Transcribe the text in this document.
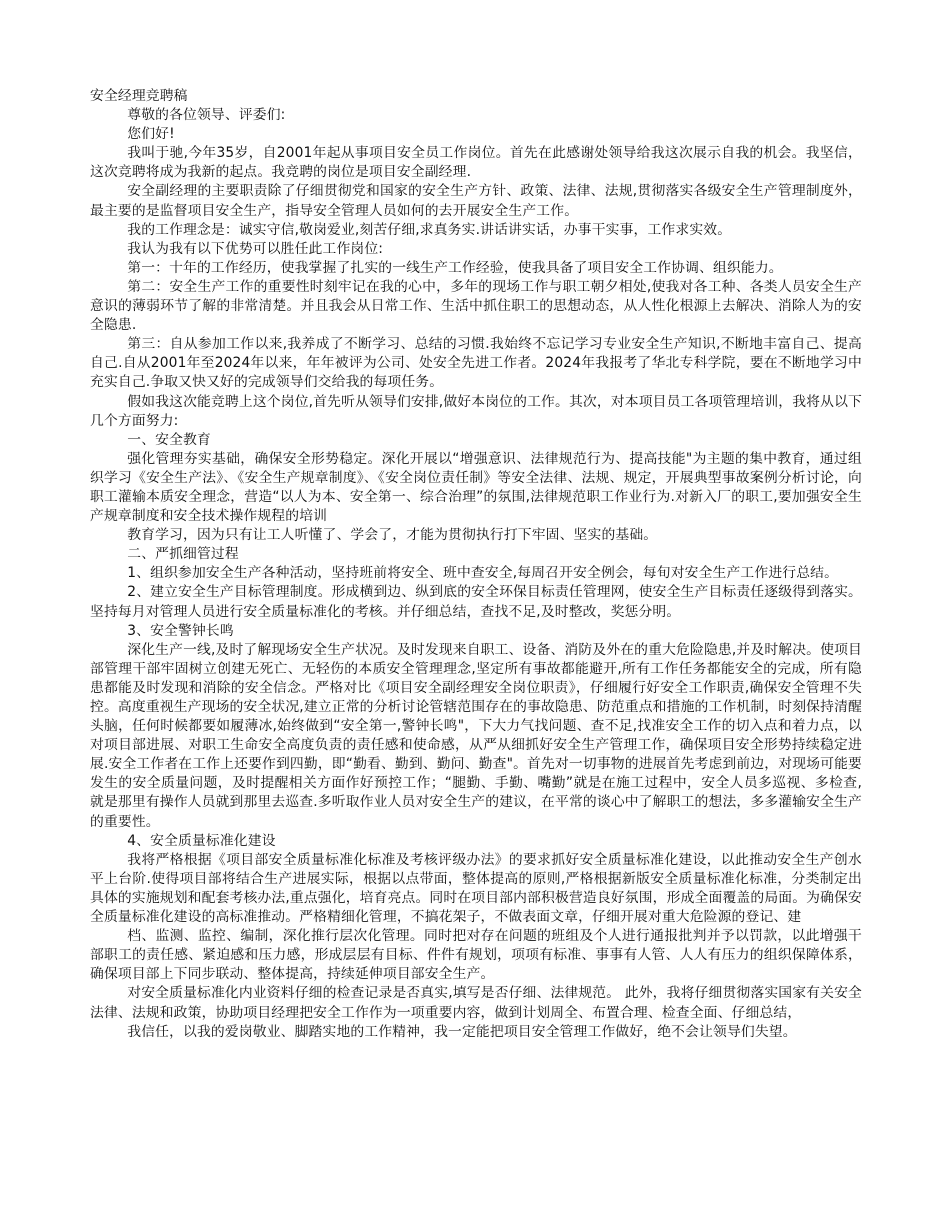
安全经理竞聘稿

尊敬的各位领导、评委们:

您们好!

我叫于驰,今年35岁，自2001年起从事项目安全员工作岗位。首先在此感谢处领导给我这次展示自我的机会。我坚信，这次竞聘将成为我新的起点。我竞聘的岗位是项目安全副经理.

安全副经理的主要职责除了仔细贯彻党和国家的安全生产方针、政策、法律、法规,贯彻落实各级安全生产管理制度外，最主要的是监督项目安全生产，指导安全管理人员如何的去开展安全生产工作。

我的工作理念是：诚实守信,敬岗爱业,刻苦仔细,求真务实.讲话讲实话，办事干实事，工作求实效。

我认为我有以下优势可以胜任此工作岗位:

第一：十年的工作经历，使我掌握了扎实的一线生产工作经验，使我具备了项目安全工作协调、组织能力。

第二：安全生产工作的重要性时刻牢记在我的心中，多年的现场工作与职工朝夕相处,使我对各工种、各类人员安全生产意识的薄弱环节了解的非常清楚。并且我会从日常工作、生活中抓住职工的思想动态，从人性化根源上去解决、消除人为的安全隐患.

第三：自从参加工作以来,我养成了不断学习、总结的习惯.我始终不忘记学习专业安全生产知识,不断地丰富自己、提高自己.自从2001年至2024年以来，年年被评为公司、处安全先进工作者。2024年我报考了华北专科学院，要在不断地学习中充实自己.争取又快又好的完成领导们交给我的每项任务。

假如我这次能竞聘上这个岗位,首先听从领导们安排,做好本岗位的工作。其次，对本项目员工各项管理培训，我将从以下几个方面努力:

一、安全教育

强化管理夯实基础，确保安全形势稳定。深化开展以“增强意识、法律规范行为、提高技能"为主题的集中教育，通过组织学习《安全生产法》、《安全生产规章制度》、《安全岗位责任制》等安全法律、法规、规定，开展典型事故案例分析讨论，向职工灌输本质安全理念，营造“以人为本、安全第一、综合治理”的氛围,法律规范职工作业行为.对新入厂的职工,要加强安全生产规章制度和安全技术操作规程的培训

教育学习，因为只有让工人听懂了、学会了，才能为贯彻执行打下牢固、坚实的基础。

二、严抓细管过程

1、组织参加安全生产各种活动，坚持班前将安全、班中查安全,每周召开安全例会，每旬对安全生产工作进行总结。

2、建立安全生产目标管理制度。形成横到边、纵到底的安全环保目标责任管理网，使安全生产目标责任逐级得到落实。坚持每月对管理人员进行安全质量标准化的考核。并仔细总结，查找不足,及时整改，奖惩分明。

3、安全警钟长鸣

深化生产一线,及时了解现场安全生产状况。及时发现来自职工、设备、消防及外在的重大危险隐患,并及时解决。使项目部管理干部牢固树立创建无死亡、无轻伤的本质安全管理理念,坚定所有事故都能避开,所有工作任务都能安全的完成，所有隐患都能及时发现和消除的安全信念。严格对比《项目安全副经理安全岗位职责》，仔细履行好安全工作职责,确保安全管理不失控。高度重视生产现场的安全状况,建立正常的分析讨论管辖范围存在的事故隐患、防范重点和措施的工作机制，时刻保持清醒头脑，任何时候都要如履薄冰,始终做到“安全第一,警钟长鸣"，下大力气找问题、查不足,找准安全工作的切入点和着力点，以对项目部进展、对职工生命安全高度负责的责任感和使命感，从严从细抓好安全生产管理工作，确保项目安全形势持续稳定进展.安全工作者在工作上还要作到四勤，即“勤看、勤到、勤问、勤查"。首先对一切事物的进展首先考虑到前边，对现场可能要发生的安全质量问题，及时提醒相关方面作好预控工作；“腿勤、手勤、嘴勤”就是在施工过程中，安全人员多巡视、多检查,就是那里有操作人员就到那里去巡查.多听取作业人员对安全生产的建议，在平常的谈心中了解职工的想法，多多灌输安全生产的重要性。

4、安全质量标准化建设

我将严格根据《项目部安全质量标准化标准及考核评级办法》的要求抓好安全质量标准化建设，以此推动安全生产创水平上台阶.使得项目部将结合生产进展实际，根据以点带面，整体提高的原则,严格根据新版安全质量标准化标准，分类制定出具体的实施规划和配套考核办法,重点强化，培育亮点。同时在项目部内部积极营造良好氛围，形成全面覆盖的局面。为确保安全质量标准化建设的高标准推动。严格精细化管理，不搞花架子，不做表面文章，仔细开展对重大危险源的登记、建

档、监测、监控、编制，深化推行层次化管理。同时把对存在问题的班组及个人进行通报批判并予以罚款，以此增强干部职工的责任感、紧迫感和压力感，形成层层有目标、件件有规划，项项有标准、事事有人管、人人有压力的组织保障体系，确保项目部上下同步联动、整体提高，持续延伸项目部安全生产。

对安全质量标准化内业资料仔细的检查记录是否真实,填写是否仔细、法律规范。 此外，我将仔细贯彻落实国家有关安全法律、法规和政策，协助项目经理把安全工作作为一项重要内容，做到计划周全、布置合理、检查全面、仔细总结，

我信任，以我的爱岗敬业、脚踏实地的工作精神，我一定能把项目安全管理工作做好，绝不会让领导们失望。
